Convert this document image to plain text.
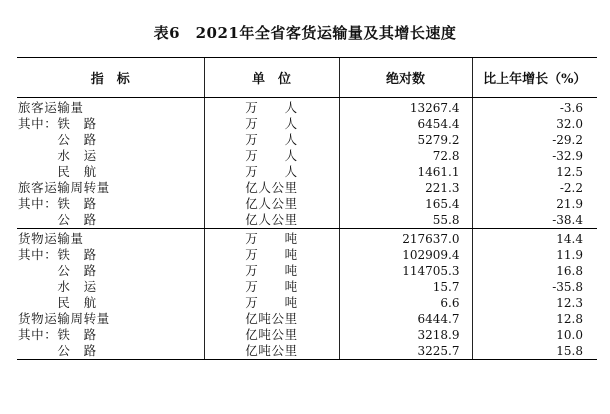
表6　2021年全省客货运输量及其增长速度
指　标	单　位	绝对数	比上年增长（%）
旅客运输量	万　　人	13267.4	-3.6
其中：铁　路	万　　人	6454.4	32.0
　　　公　路	万　　人	5279.2	-29.2
　　　水　运	万　　人	72.8	-32.9
　　　民　航	万　　人	1461.1	12.5
旅客运输周转量	亿人公里	221.3	-2.2
其中：铁　路	亿人公里	165.4	21.9
　　　公　路	亿人公里	55.8	-38.4
货物运输量	万　　吨	217637.0	14.4
其中：铁　路	万　　吨	102909.4	11.9
　　　公　路	万　　吨	114705.3	16.8
　　　水　运	万　　吨	15.7	-35.8
　　　民　航	万　　吨	6.6	12.3
货物运输周转量	亿吨公里	6444.7	12.8
其中：铁　路	亿吨公里	3218.9	10.0
　　　公　路	亿吨公里	3225.7	15.8
